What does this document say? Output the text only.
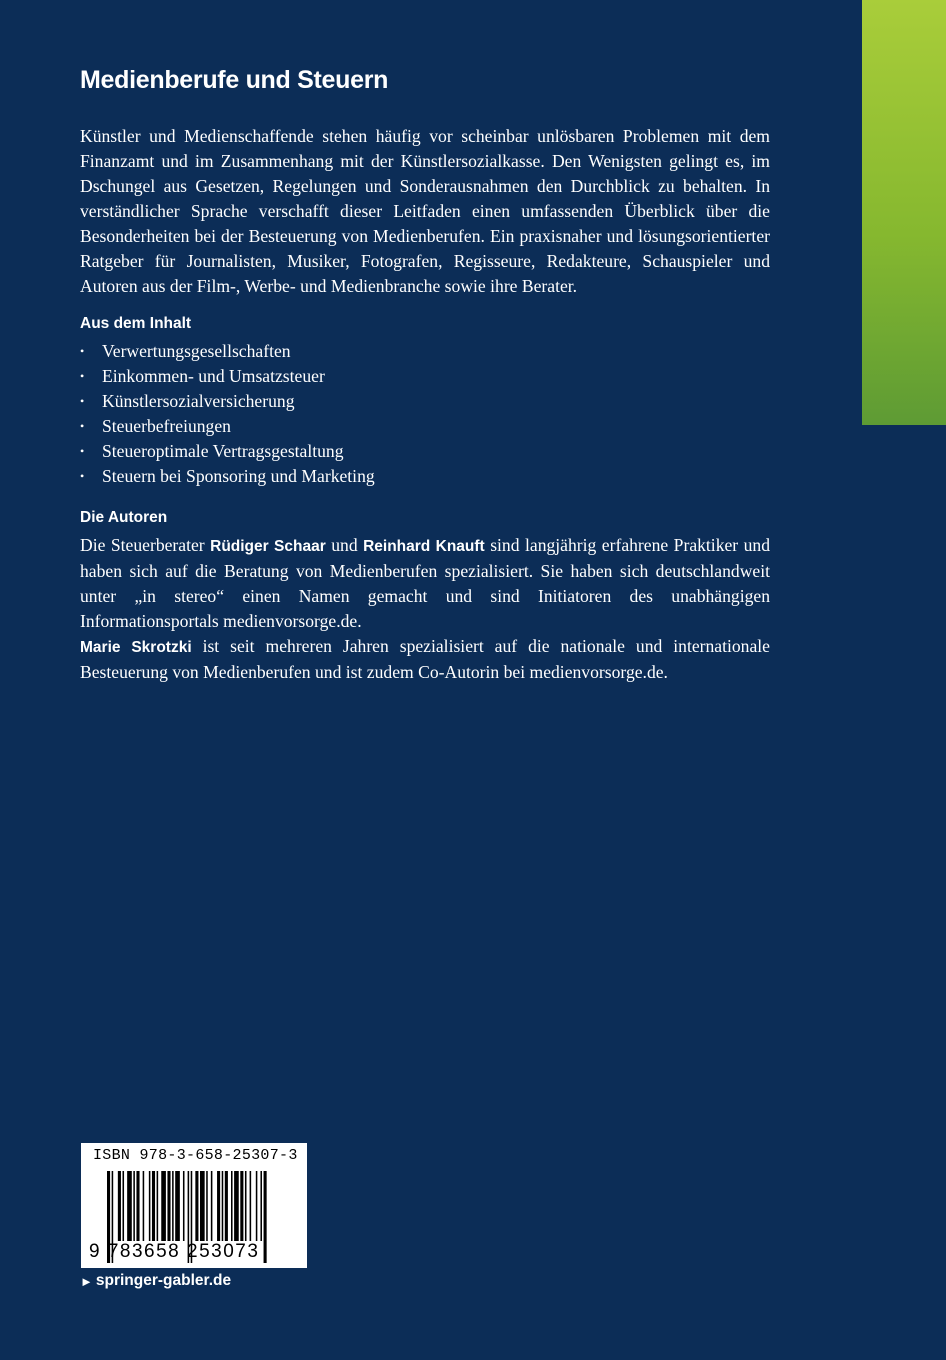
Medienberufe und Steuern

Künstler und Medienschaffende stehen häufig vor scheinbar unlösbaren Problemen mit dem Finanzamt und im Zusammenhang mit der Künstlersozialkasse. Den Wenigsten gelingt es, im Dschungel aus Gesetzen, Regelungen und Sonderausnahmen den Durchblick zu behalten. In verständlicher Sprache verschafft dieser Leitfaden einen umfassenden Überblick über die Besonderheiten bei der Besteuerung von Medienberufen. Ein praxisnaher und lösungsorientierter Ratgeber für Journalisten, Musiker, Fotografen, Regisseure, Redakteure, Schauspieler und Autoren aus der Film-, Werbe- und Medienbranche sowie ihre Berater.

Aus dem Inhalt
• Verwertungsgesellschaften
• Einkommen- und Umsatzsteuer
• Künstlersozialversicherung
• Steuerbefreiungen
• Steueroptimale Vertragsgestaltung
• Steuern bei Sponsoring und Marketing
Die Autoren

Die Steuerberater Rüdiger Schaar und Reinhard Knauft sind langjährig erfahrene Praktiker und haben sich auf die Beratung von Medienberufen spezialisiert. Sie haben sich deutschlandweit unter „in stereo“ einen Namen gemacht und sind Initiatoren des unabhängigen Informationsportals medienvorsorge.de.
Marie Skrotzki ist seit mehreren Jahren spezialisiert auf die nationale und internationale Besteuerung von Medienberufen und ist zudem Co-Autorin bei medienvorsorge.de.

ISBN 978-3-658-25307-3
9 783658 253073
► springer-gabler.de
